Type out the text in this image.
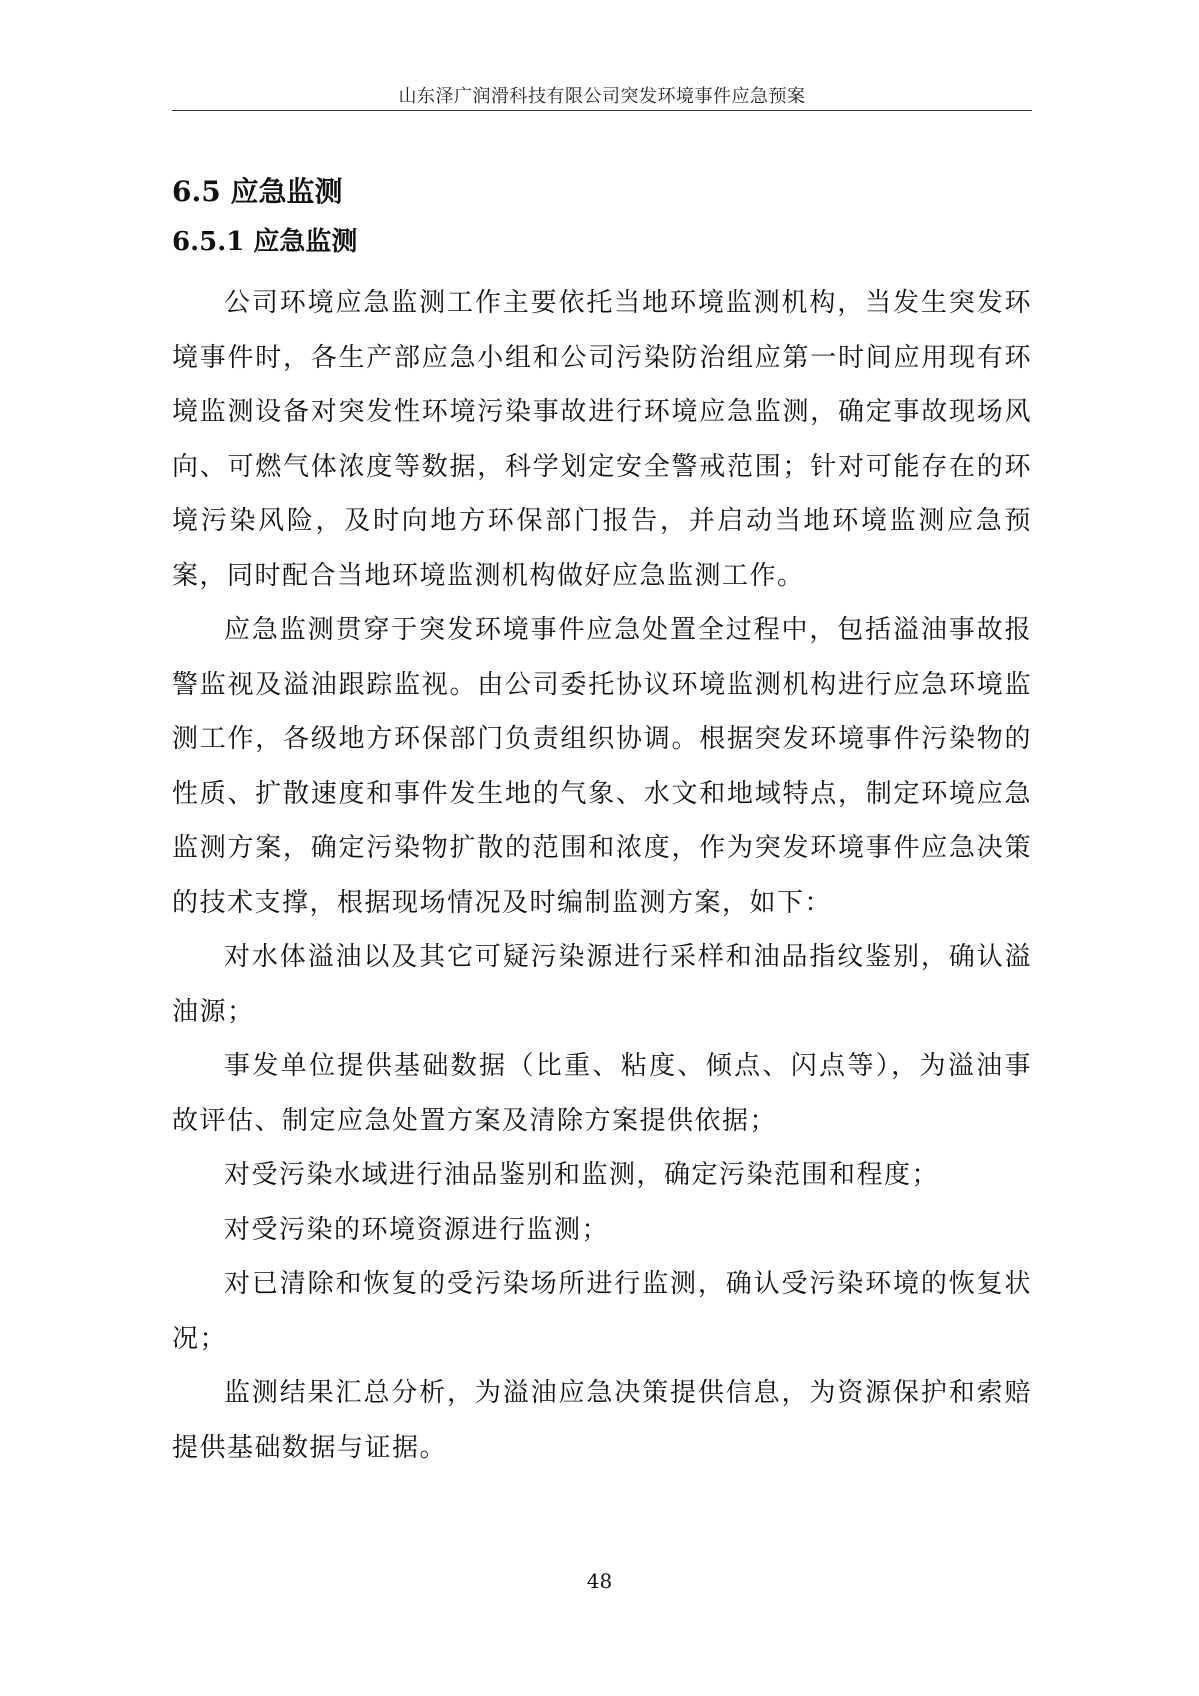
山东泽广润滑科技有限公司突发环境事件应急预案
6.5 应急监测
6.5.1 应急监测

公司环境应急监测工作主要依托当地环境监测机构，当发生突发环境事件时，各生产部应急小组和公司污染防治组应第一时间应用现有环境监测设备对突发性环境污染事故进行环境应急监测，确定事故现场风向、可燃气体浓度等数据，科学划定安全警戒范围；针对可能存在的环境污染风险，及时向地方环保部门报告，并启动当地环境监测应急预案，同时配合当地环境监测机构做好应急监测工作。

应急监测贯穿于突发环境事件应急处置全过程中，包括溢油事故报警监视及溢油跟踪监视。由公司委托协议环境监测机构进行应急环境监测工作，各级地方环保部门负责组织协调。根据突发环境事件污染物的性质、扩散速度和事件发生地的气象、水文和地域特点，制定环境应急监测方案，确定污染物扩散的范围和浓度，作为突发环境事件应急决策的技术支撑，根据现场情况及时编制监测方案，如下：

对水体溢油以及其它可疑污染源进行采样和油品指纹鉴别，确认溢油源；

事发单位提供基础数据（比重、粘度、倾点、闪点等），为溢油事故评估、制定应急处置方案及清除方案提供依据；

对受污染水域进行油品鉴别和监测，确定污染范围和程度；

对受污染的环境资源进行监测；

对已清除和恢复的受污染场所进行监测，确认受污染环境的恢复状况；

监测结果汇总分析，为溢油应急决策提供信息，为资源保护和索赔提供基础数据与证据。

48
